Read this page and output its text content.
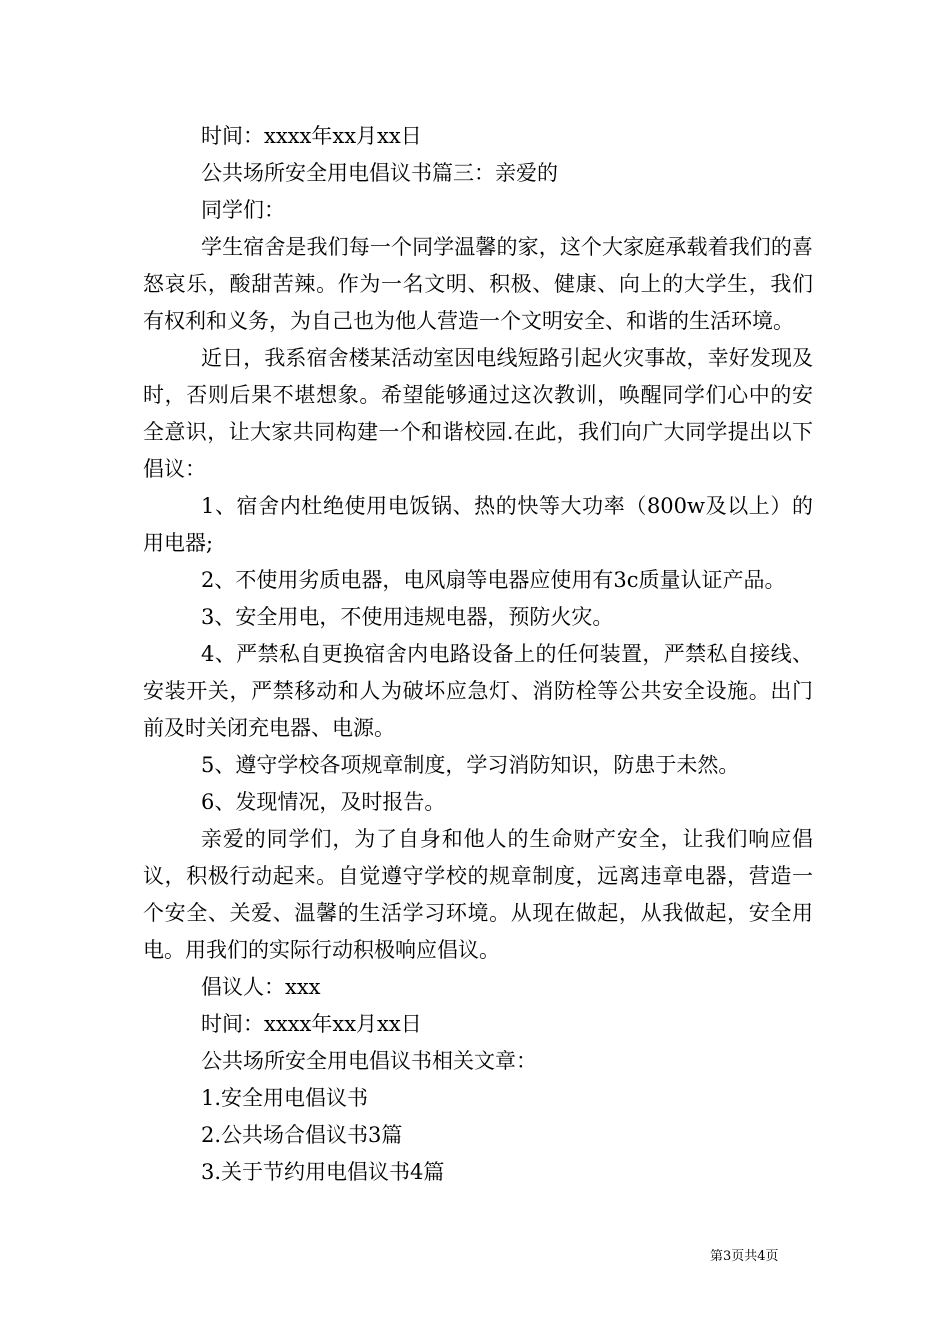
时间：xxxx年xx月xx日
公共场所安全用电倡议书篇三：亲爱的
同学们：
学生宿舍是我们每一个同学温馨的家，这个大家庭承载着我们的喜怒哀乐，酸甜苦辣。作为一名文明、积极、健康、向上的大学生，我们有权利和义务，为自己也为他人营造一个文明安全、和谐的生活环境。
近日，我系宿舍楼某活动室因电线短路引起火灾事故，幸好发现及时，否则后果不堪想象。希望能够通过这次教训，唤醒同学们心中的安全意识，让大家共同构建一个和谐校园.在此，我们向广大同学提出以下倡议：
1、宿舍内杜绝使用电饭锅、热的快等大功率（800w及以上）的用电器;
2、不使用劣质电器，电风扇等电器应使用有3c质量认证产品。
3、安全用电，不使用违规电器，预防火灾。
4、严禁私自更换宿舍内电路设备上的任何装置，严禁私自接线、安装开关，严禁移动和人为破坏应急灯、消防栓等公共安全设施。出门前及时关闭充电器、电源。
5、遵守学校各项规章制度，学习消防知识，防患于未然。
6、发现情况，及时报告。
亲爱的同学们，为了自身和他人的生命财产安全，让我们响应倡议，积极行动起来。自觉遵守学校的规章制度，远离违章电器，营造一个安全、关爱、温馨的生活学习环境。从现在做起，从我做起，安全用电。用我们的实际行动积极响应倡议。
倡议人：xxx
时间：xxxx年xx月xx日
公共场所安全用电倡议书相关文章：
1.安全用电倡议书
2.公共场合倡议书3篇
3.关于节约用电倡议书4篇
第3页共4页
